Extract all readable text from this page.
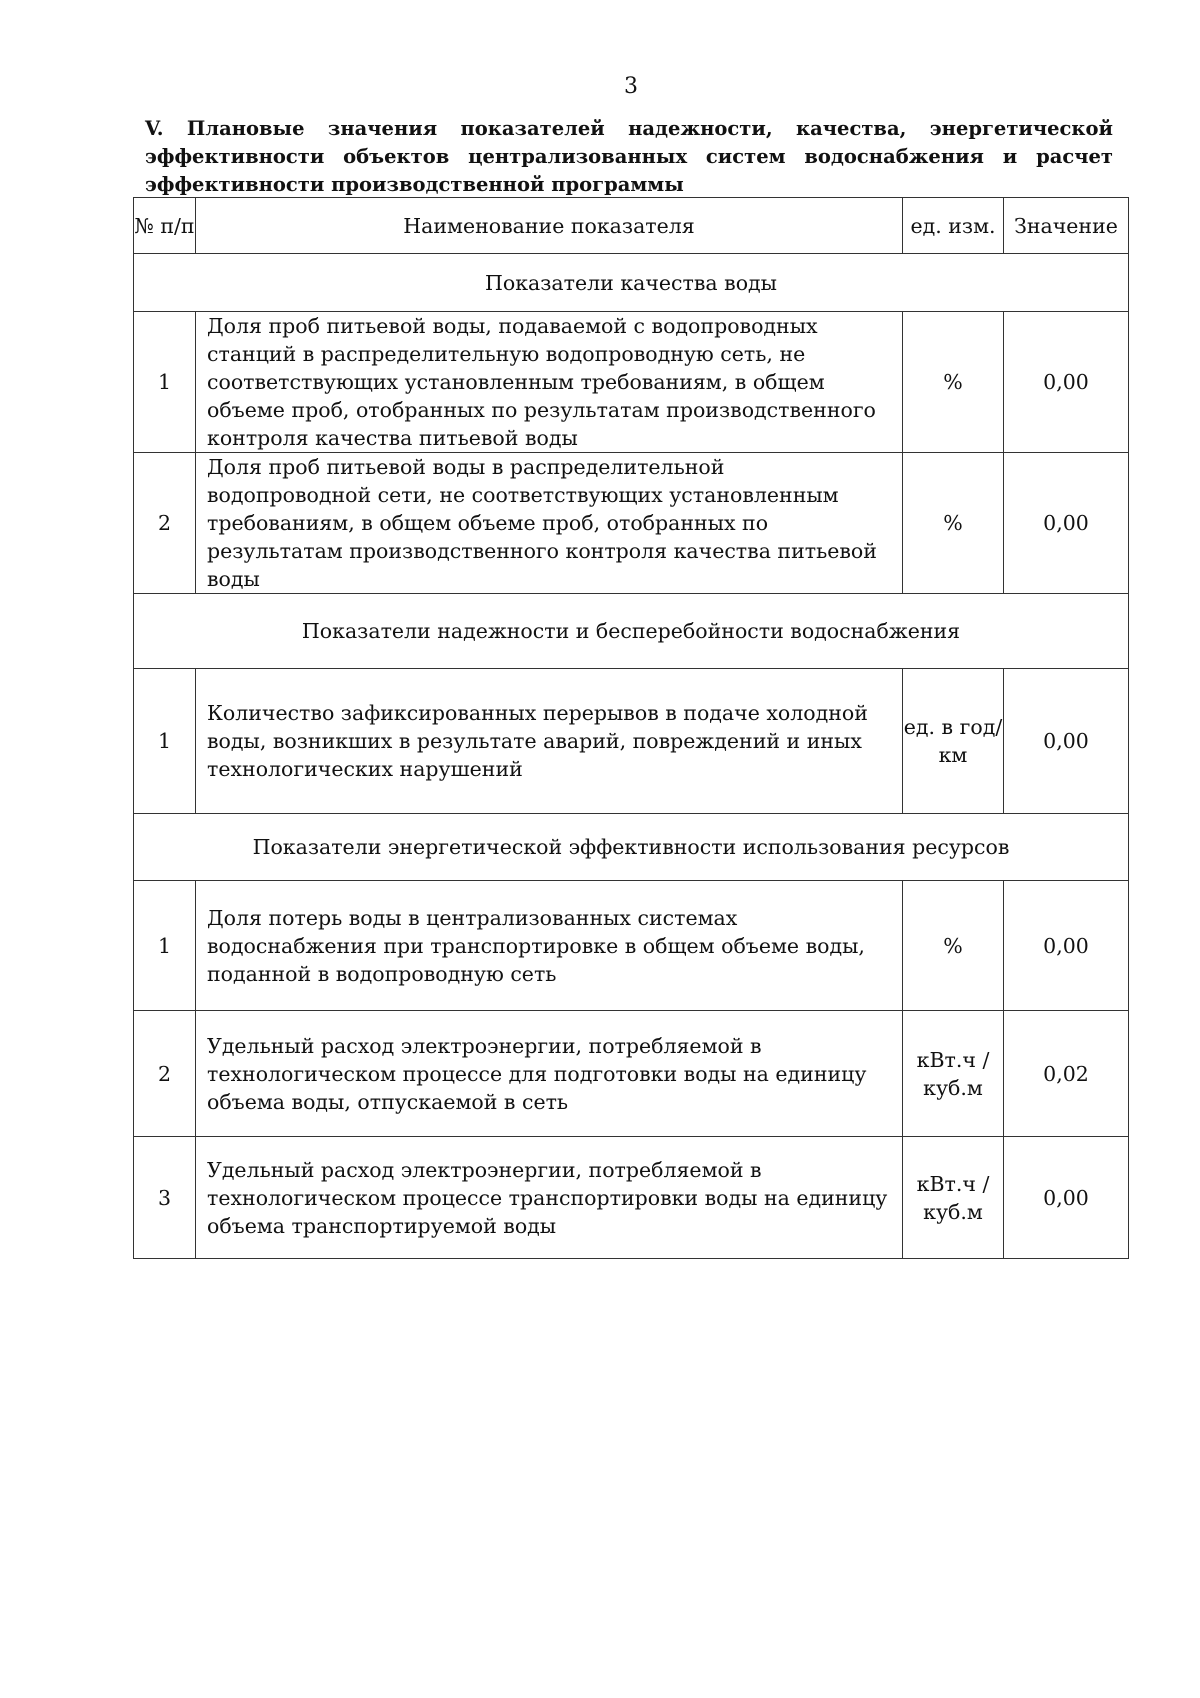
3
V. Плановые значения показателей надежности, качества, энергетической эффективности объектов централизованных систем водоснабжения и расчет эффективности производственной программы
№ п/п	Наименование показателя	ед. изм.	Значение
Показатели качества воды			
1	Доля проб питьевой воды, подаваемой с водопроводных станций в распределительную водопроводную сеть, не соответствующих установленным требованиям, в общем объеме проб, отобранных по результатам производственного контроля качества питьевой воды	%	0,00
2	Доля проб питьевой воды в распределительной водопроводной сети, не соответствующих установленным требованиям, в общем объеме проб, отобранных по результатам производственного контроля качества питьевой воды	%	0,00
Показатели надежности и бесперебойности водоснабжения			
1	Количество зафиксированных перерывов в подаче холодной воды, возникших в результате аварий, повреждений и иных технологических нарушений	ед. в год/ км	0,00
Показатели энергетической эффективности использования ресурсов			
1	Доля потерь воды в централизованных системах водоснабжения при транспортировке в общем объеме воды, поданной в водопроводную сеть	%	0,00
2	Удельный расход электроэнергии, потребляемой в технологическом процессе для подготовки воды на единицу объема воды, отпускаемой в сеть	кВт.ч / куб.м	0,02
3	Удельный расход электроэнергии, потребляемой в технологическом процессе транспортировки воды на единицу объема транспортируемой воды	кВт.ч / куб.м	0,00
